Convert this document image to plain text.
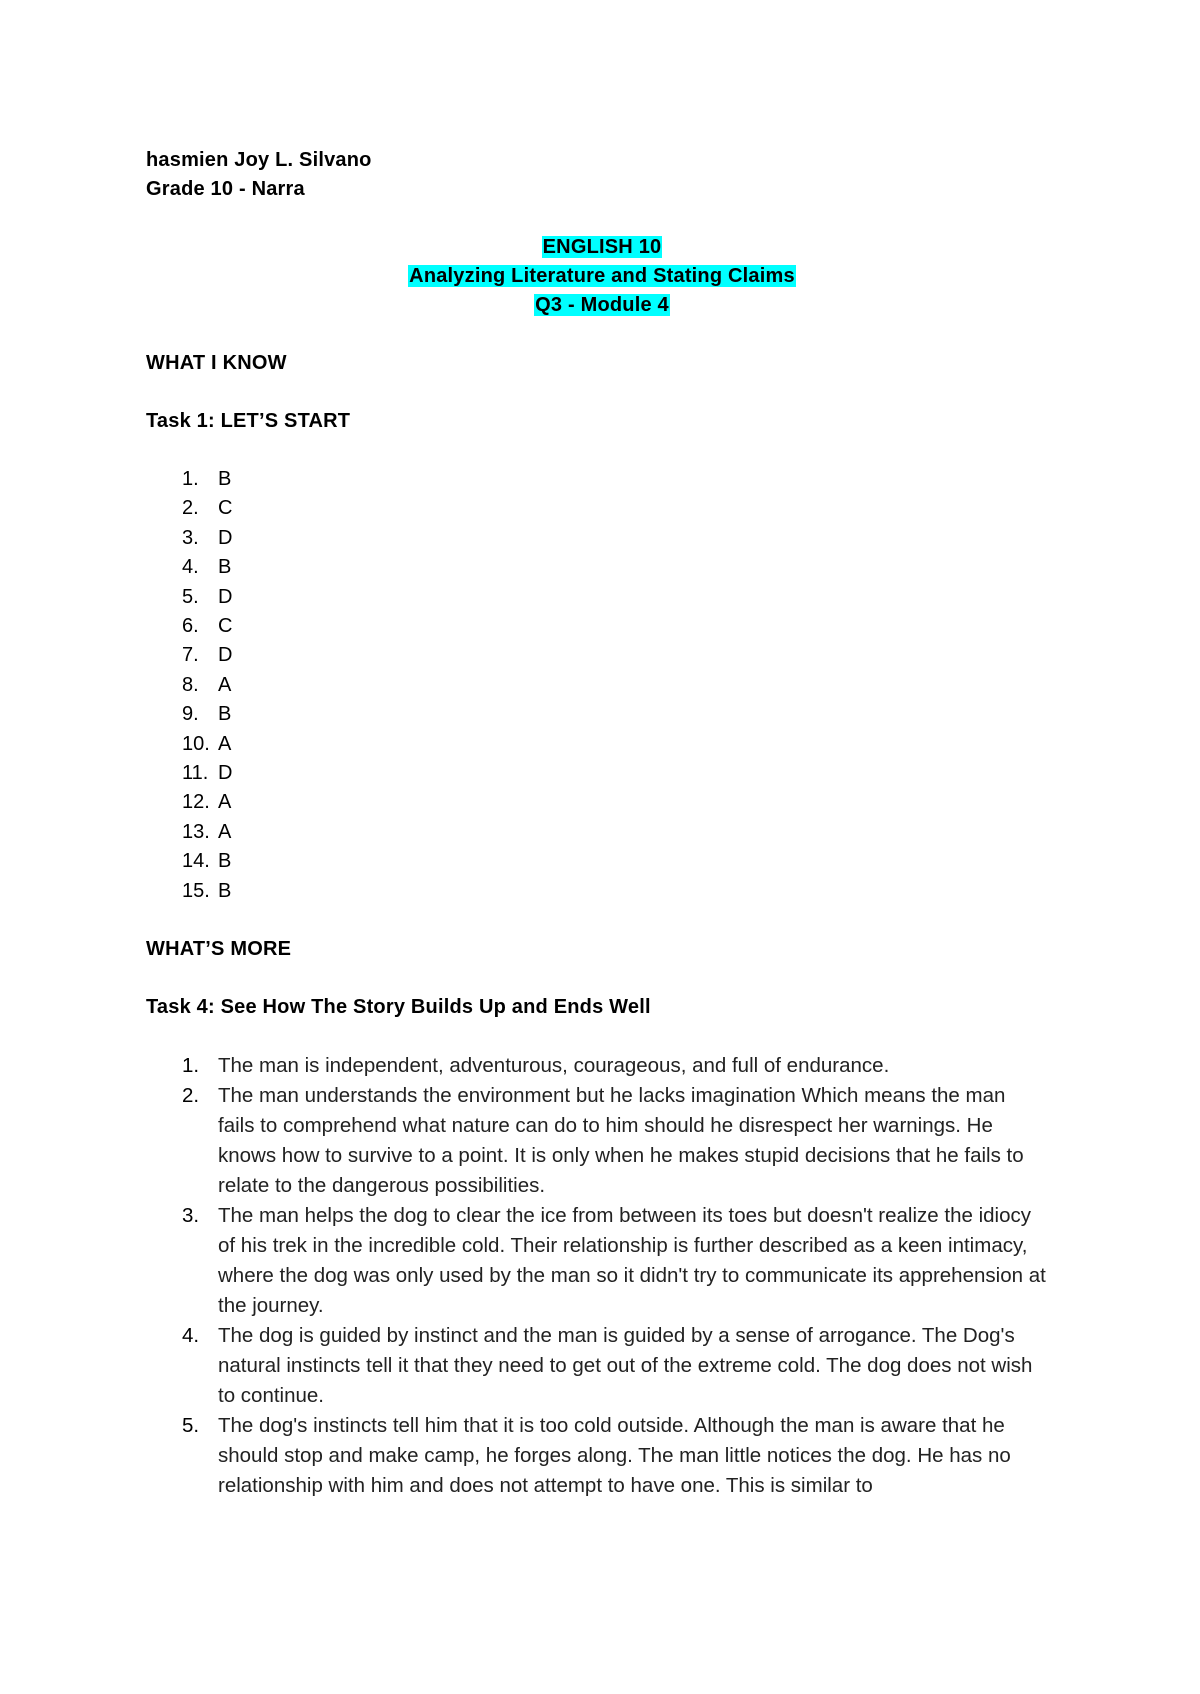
hasmien Joy L. Silvano

Grade 10 - Narra

ENGLISH 10

Analyzing Literature and Stating Claims

Q3 - Module 4

WHAT I KNOW

Task 1: LET’S START

1. B
2. C
3. D
4. B
5. D
6. C
7. D
8. A
9. B
10. A
11. D
12. A
13. A
14. B
15. B

WHAT’S MORE

Task 4: See How The Story Builds Up and Ends Well

1. The man is independent, adventurous, courageous, and full of endurance.
2. The man understands the environment but he lacks imagination Which means the man fails to comprehend what nature can do to him should he disrespect her warnings. He knows how to survive to a point. It is only when he makes stupid decisions that he fails to relate to the dangerous possibilities.
3. The man helps the dog to clear the ice from between its toes but doesn't realize the idiocy of his trek in the incredible cold. Their relationship is further described as a keen intimacy, where the dog was only used by the man so it didn't try to communicate its apprehension at the journey.
4. The dog is guided by instinct and the man is guided by a sense of arrogance. The Dog's natural instincts tell it that they need to get out of the extreme cold. The dog does not wish to continue.
5. The dog's instincts tell him that it is too cold outside. Although the man is aware that he should stop and make camp, he forges along. The man little notices the dog. He has no relationship with him and does not attempt to have one. This is similar to
